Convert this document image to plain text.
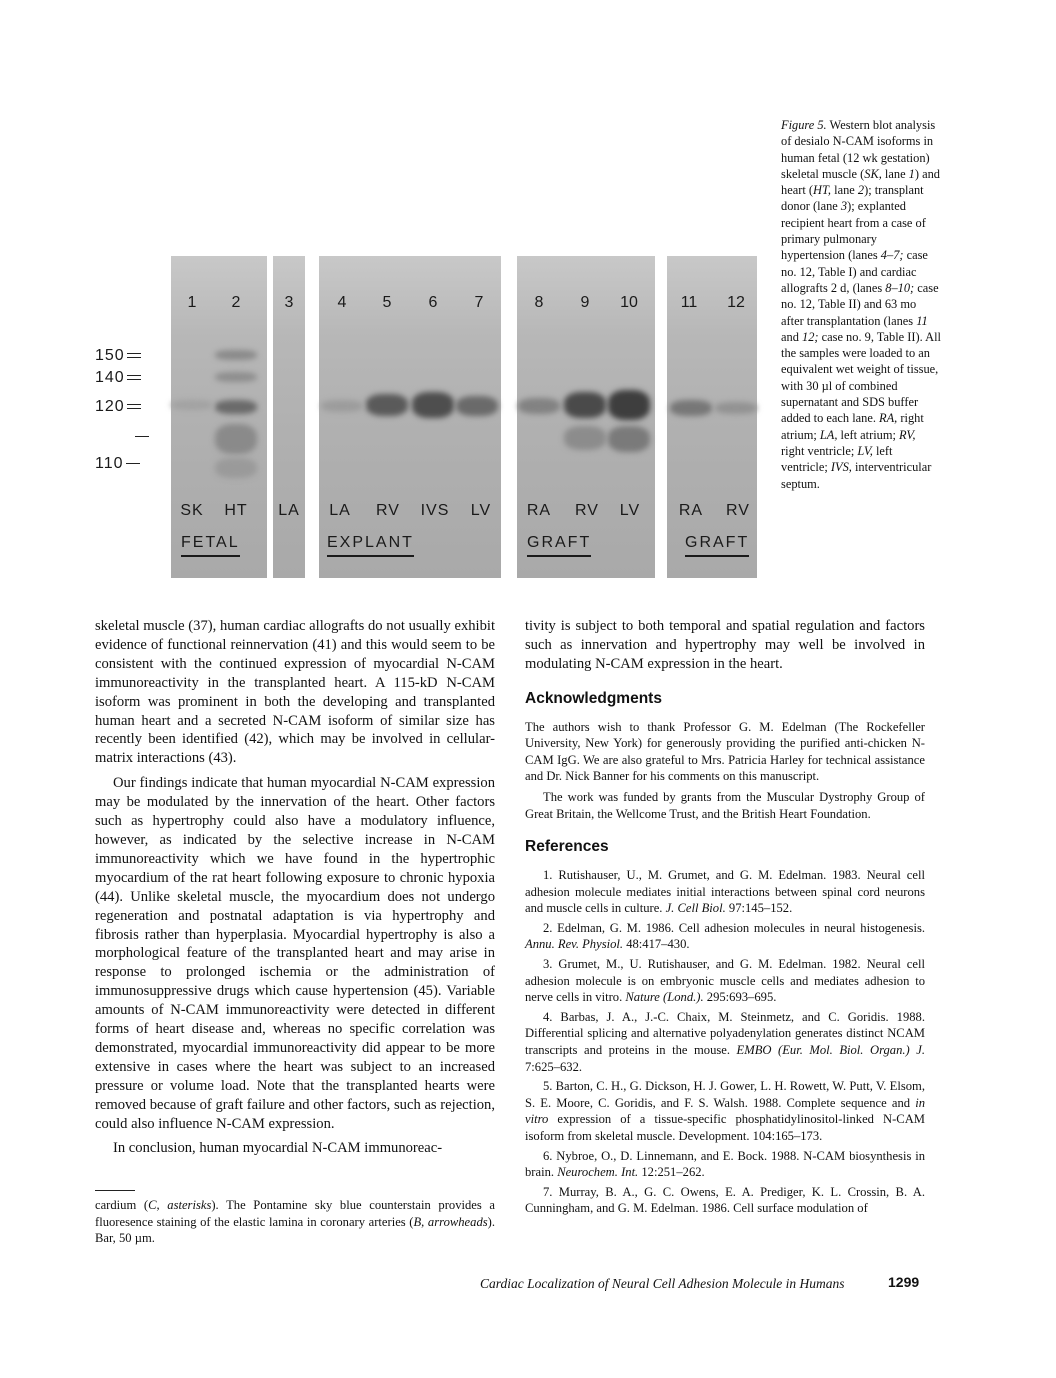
150
140
120
110
1	2	3	4	5	6	7	8	9	10	11	12
SK	HT	LA	LA	RV	IVS	LV	RA	RV	LV	RA	RV
FETAL	EXPLANT	GRAFT	GRAFT

Figure 5. Western blot analysis of desialo N-CAM isoforms in human fetal (12 wk gestation) skeletal muscle (SK, lane 1) and heart (HT, lane 2); transplant donor (lane 3); explanted recipient heart from a case of primary pulmonary hypertension (lanes 4–7; case no. 12, Table I) and cardiac allografts 2 d, (lanes 8–10; case no. 12, Table II) and 63 mo after transplantation (lanes 11 and 12; case no. 9, Table II). All the samples were loaded to an equivalent wet weight of tissue, with 30 µl of combined supernatant and SDS buffer added to each lane. RA, right atrium; LA, left atrium; RV, right ventricle; LV, left ventricle; IVS, interventricular septum.

skeletal muscle (37), human cardiac allografts do not usually exhibit evidence of functional reinnervation (41) and this would seem to be consistent with the continued expression of myocardial N-CAM immunoreactivity in the transplanted heart. A 115-kD N-CAM isoform was prominent in both the developing and transplanted human heart and a secreted N-CAM isoform of similar size has recently been identified (42), which may be involved in cellular-matrix interactions (43).

Our findings indicate that human myocardial N-CAM expression may be modulated by the innervation of the heart. Other factors such as hypertrophy could also have a modulatory influence, however, as indicated by the selective increase in N-CAM immunoreactivity which we have found in the hypertrophic myocardium of the rat heart following exposure to chronic hypoxia (44). Unlike skeletal muscle, the myocardium does not undergo regeneration and postnatal adaptation is via hypertrophy and fibrosis rather than hyperplasia. Myocardial hypertrophy is also a morphological feature of the transplanted heart and may arise in response to prolonged ischemia or the administration of immunosuppressive drugs which cause hypertension (45). Variable amounts of N-CAM immunoreactivity were detected in different forms of heart disease and, whereas no specific correlation was demonstrated, myocardial immunoreactivity did appear to be more extensive in cases where the heart was subject to an increased pressure or volume load. Note that the transplanted hearts were removed because of graft failure and other factors, such as rejection, could also influence N-CAM expression.

In conclusion, human myocardial N-CAM immunoreac-

cardium (C, asterisks). The Pontamine sky blue counterstain provides a fluoresence staining of the elastic lamina in coronary arteries (B, arrowheads). Bar, 50 µm.

tivity is subject to both temporal and spatial regulation and factors such as innervation and hypertrophy may well be involved in modulating N-CAM expression in the heart.

Acknowledgments

The authors wish to thank Professor G. M. Edelman (The Rockefeller University, New York) for generously providing the purified anti-chicken N-CAM IgG. We are also grateful to Mrs. Patricia Harley for technical assistance and Dr. Nick Banner for his comments on this manuscript.

The work was funded by grants from the Muscular Dystrophy Group of Great Britain, the Wellcome Trust, and the British Heart Foundation.

References

1. Rutishauser, U., M. Grumet, and G. M. Edelman. 1983. Neural cell adhesion molecule mediates initial interactions between spinal cord neurons and muscle cells in culture. J. Cell Biol. 97:145–152.

2. Edelman, G. M. 1986. Cell adhesion molecules in neural histogenesis. Annu. Rev. Physiol. 48:417–430.

3. Grumet, M., U. Rutishauser, and G. M. Edelman. 1982. Neural cell adhesion molecule is on embryonic muscle cells and mediates adhesion to nerve cells in vitro. Nature (Lond.). 295:693–695.

4. Barbas, J. A., J.-C. Chaix, M. Steinmetz, and C. Goridis. 1988. Differential splicing and alternative polyadenylation generates distinct NCAM transcripts and proteins in the mouse. EMBO (Eur. Mol. Biol. Organ.) J. 7:625–632.

5. Barton, C. H., G. Dickson, H. J. Gower, L. H. Rowett, W. Putt, V. Elsom, S. E. Moore, C. Goridis, and F. S. Walsh. 1988. Complete sequence and in vitro expression of a tissue-specific phosphatidylinositol-linked N-CAM isoform from skeletal muscle. Development. 104:165–173.

6. Nybroe, O., D. Linnemann, and E. Bock. 1988. N-CAM biosynthesis in brain. Neurochem. Int. 12:251–262.

7. Murray, B. A., G. C. Owens, E. A. Prediger, K. L. Crossin, B. A. Cunningham, and G. M. Edelman. 1986. Cell surface modulation of

Cardiac Localization of Neural Cell Adhesion Molecule in Humans	1299
